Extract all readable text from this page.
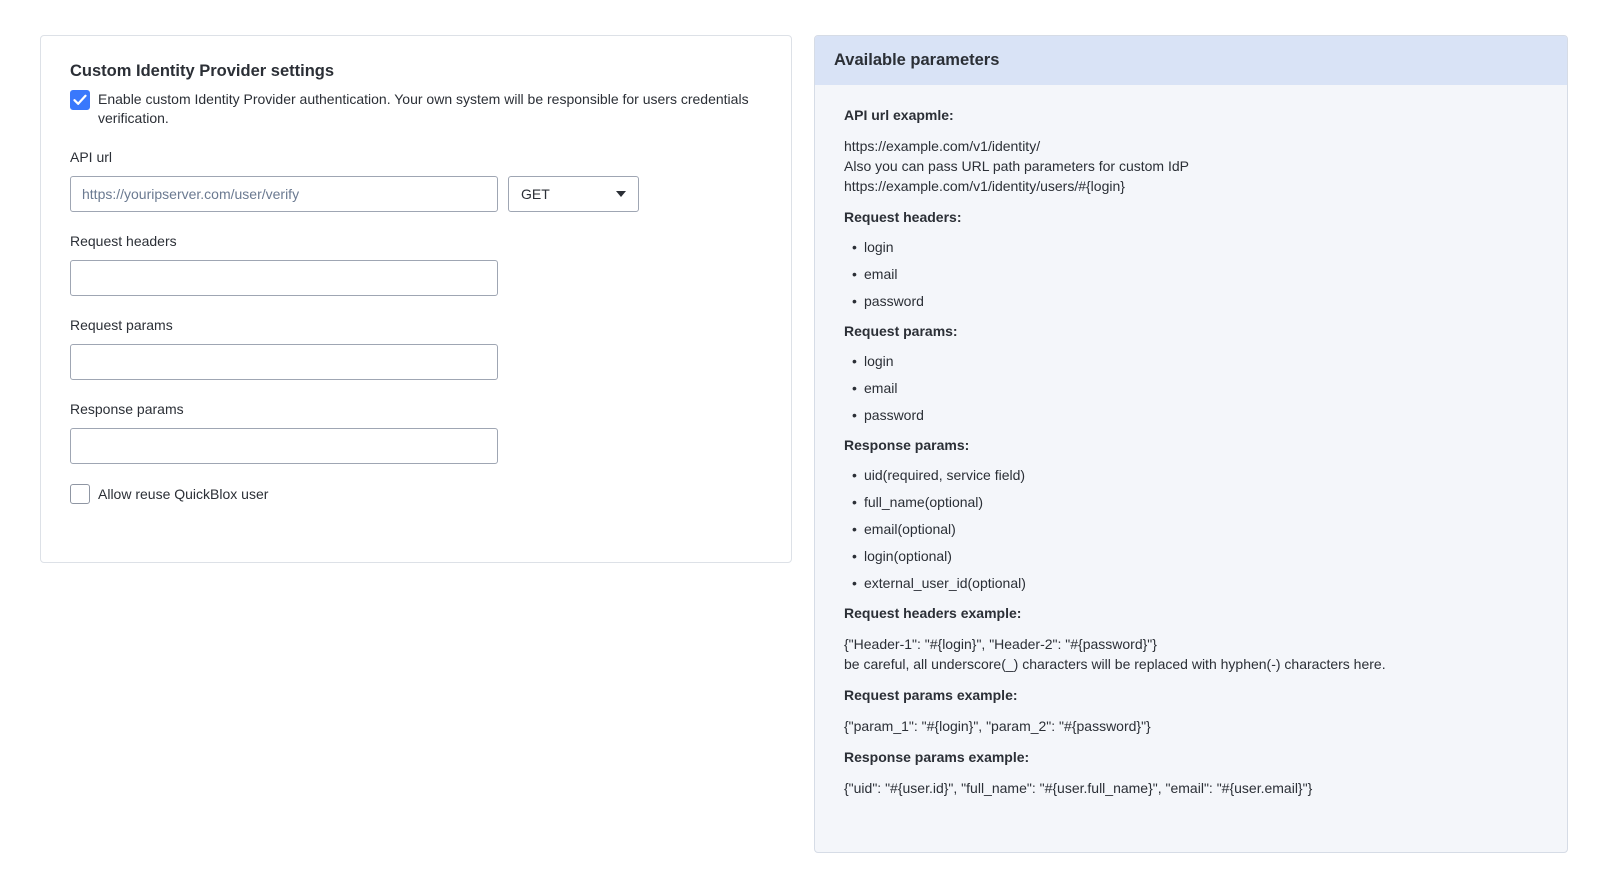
Custom Identity Provider settings
Enable custom Identity Provider authentication. Your own system will be responsible for users credentials verification.
API url
https://youripserver.com/user/verify
GET
Request headers
Request params
Response params
Allow reuse QuickBlox user
Available parameters
API url exapmle:
https://example.com/v1/identity/
Also you can pass URL path parameters for custom IdP
https://example.com/v1/identity/users/#{login}
Request headers:
• login
• email
• password
Request params:
• login
• email
• password
Response params:
• uid(required, service field)
• full_name(optional)
• email(optional)
• login(optional)
• external_user_id(optional)
Request headers example:
{"Header-1": "#{login}", "Header-2": "#{password}"}
be careful, all underscore(_) characters will be replaced with hyphen(-) characters here.
Request params example:
{"param_1": "#{login}", "param_2": "#{password}"}
Response params example:
{"uid": "#{user.id}", "full_name": "#{user.full_name}", "email": "#{user.email}"}
